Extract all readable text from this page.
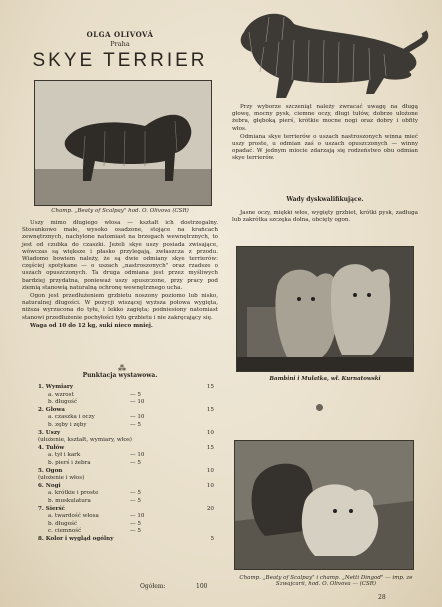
OLGA OLIVOVÁ
Praha
SKYE TERRIER
Champ. „Beaty of Scalpay" hod. O. Olivova (CSR)

Uszy mimo długiego włosa — kształt ich dostrzegalny. Stosunkowo małe, wysoko osadzone, stojące na krańcach zewnętrznych, nachylone natomiast na brzegach wewnętrznych, to jest od czubka do czaszki. Jeżeli skye uszy posiada zwisające, wówczas są większe i płasko przylegają, zwłaszcza z przodu. Wiadomo bowiem należy, że są dwie odmiany skye terrierów: częściej spotykane — o uszach „nastroszonych" oraz rzadsze o uszach opuszczonych. Ta druga odmiana jest przez myśliwych bardziej przydatna, ponieważ uszy spuszczone, przy pracy pod ziemią stanowią naturalną ochronę wewnętrznego ucha.

Ogon jest przedłużeniem grzbietu noszony poziomo lub nisko, naturalnej długości. W pozycji wiszącej wyższa połowa wygięta, niższa wyrzucona do tyłu, i lekko zagięta; podniesiony natomiast stanowi przedłużenie pochyłości tyłu grzbietu i nie zakręcający się.

Waga od 10 do 12 kg, suki nieco mniej.

⁂
Punktacja wystawowa.
1. Wymiary	15
a. wzrost	— 5
b. długość	— 10
2. Głowa	15
a. czaszka i oczy	— 10
b. zęby i zęby	— 5
3. Uszy	10
(ułożenie, kształt, wymiary, włos)
4. Tułów	15
a. tył i kark	— 10
b. pierś i żebra	— 5
5. Ogon	10
(ułożenie i włos)
6. Nogi	10
a. krótkie i proste	— 5
b. muskulatura	— 5
7. Sierść	20
a. twardość włosa	— 10
b. długość	— 5
c. ciemność	— 5
8. Kolor i wygląd ogólny	5
Ogółem:	100

Przy wyborze szczeniąt należy zwracać uwagę na długą głowę, mocny pysk, ciemne oczy, długi tułów, dobrze ułożone żebra, głęboką pierś, krótkie mocne nogi oraz dobry i obfity włos.

Odmiana skye terrierów o uszach nastroszonych winna mieć uszy proste, u odmian zaś o uszach opuszczonych — winny opadać. W jednym miocie zdarzają się rodzeństwo obu odmian skye terrierów.

Wady dyskwalifikujące.
Jasne oczy, miękki włos, wygięty grzbiet, krótki pysk, zadługa lub zakrótka szczęka dolna, obcięty ogon.
Bambini i Mulatka, wł. Kurnatowski
Champ. „Beaty of Scalpay" i champ. „Netti Dingod" — imp. ze Szwajcarii, hod. O. Olivova — (CSR)
28
